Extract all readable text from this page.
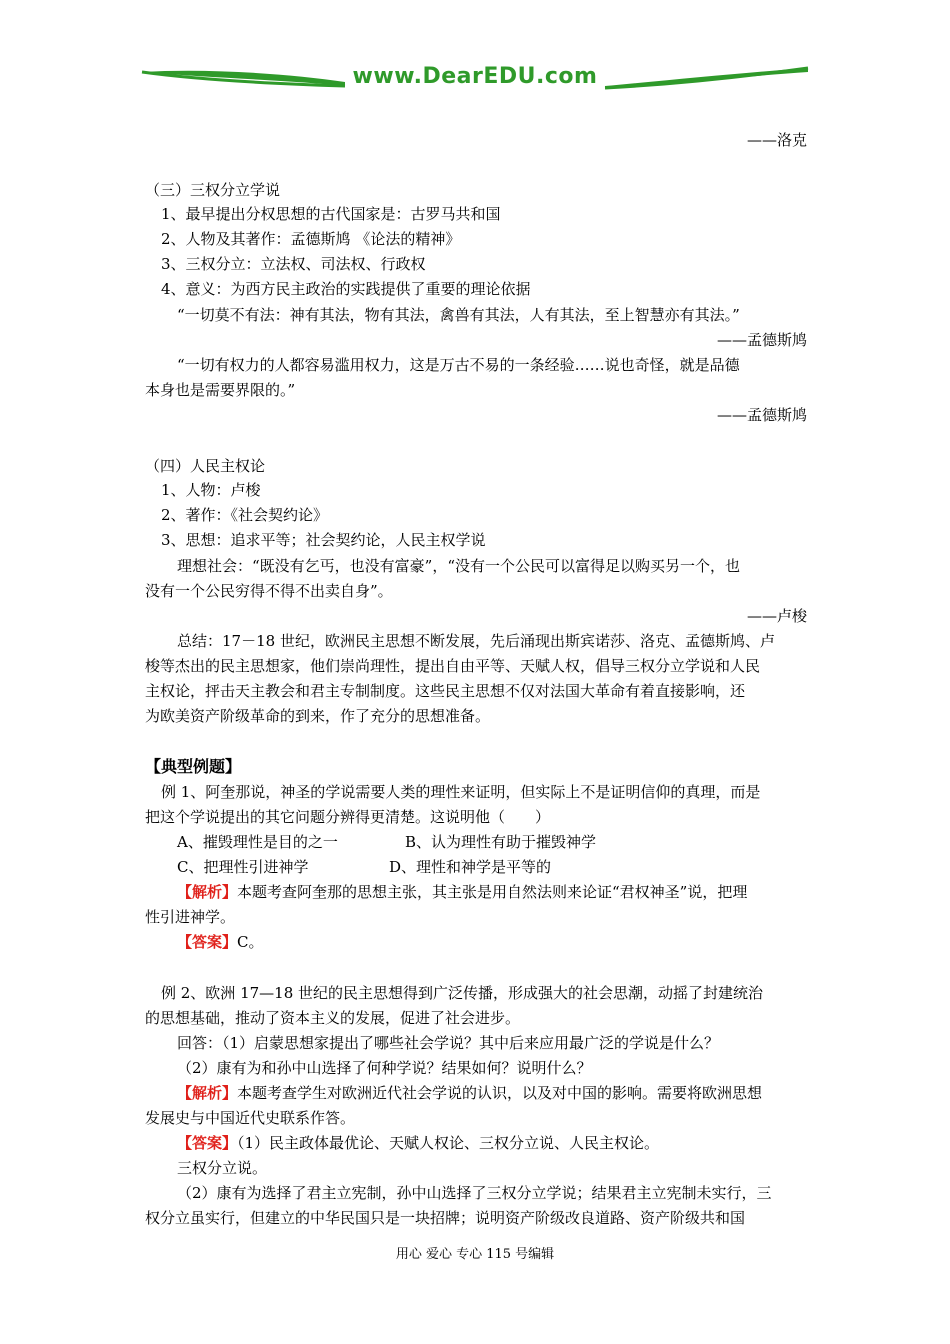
www.DearEDU.com
——洛克
（三）三权分立学说
1、最早提出分权思想的古代国家是：古罗马共和国
2、人物及其著作：孟德斯鸠 《论法的精神》
3、三权分立：立法权、司法权、行政权
4、意义：为西方民主政治的实践提供了重要的理论依据
“一切莫不有法：神有其法，物有其法，禽兽有其法，人有其法，至上智慧亦有其法。”
——孟德斯鸠
“一切有权力的人都容易滥用权力，这是万古不易的一条经验……说也奇怪，就是品德
本身也是需要界限的。”
——孟德斯鸠
（四）人民主权论
1、人物：卢梭
2、著作：《社会契约论》
3、思想：追求平等；社会契约论，人民主权学说
理想社会：“既没有乞丐，也没有富豪”，“没有一个公民可以富得足以购买另一个，也
没有一个公民穷得不得不出卖自身”。
——卢梭
总结：17－18 世纪，欧洲民主思想不断发展，先后涌现出斯宾诺莎、洛克、孟德斯鸠、卢
梭等杰出的民主思想家，他们崇尚理性，提出自由平等、天赋人权，倡导三权分立学说和人民
主权论，抨击天主教会和君主专制制度。这些民主思想不仅对法国大革命有着直接影响，还
为欧美资产阶级革命的到来，作了充分的思想准备。
【典型例题】
例 1、阿奎那说，神圣的学说需要人类的理性来证明，但实际上不是证明信仰的真理，而是
把这个学说提出的其它问题分辨得更清楚。这说明他（　　）
A、摧毁理性是目的之一	B、认为理性有助于摧毁神学
C、把理性引进神学	D、理性和神学是平等的
【解析】本题考查阿奎那的思想主张，其主张是用自然法则来论证“君权神圣”说，把理
性引进神学。
【答案】C。
例 2、欧洲 17—18 世纪的民主思想得到广泛传播，形成强大的社会思潮，动摇了封建统治
的思想基础，推动了资本主义的发展，促进了社会进步。
回答：（1）启蒙思想家提出了哪些社会学说？其中后来应用最广泛的学说是什么？
（2）康有为和孙中山选择了何种学说？结果如何？说明什么？
【解析】本题考查学生对欧洲近代社会学说的认识，以及对中国的影响。需要将欧洲思想
发展史与中国近代史联系作答。
【答案】（1）民主政体最优论、天赋人权论、三权分立说、人民主权论。
三权分立说。
（2）康有为选择了君主立宪制，孙中山选择了三权分立学说；结果君主立宪制未实行，三
权分立虽实行，但建立的中华民国只是一块招牌；说明资产阶级改良道路、资产阶级共和国
用心 爱心 专心 115 号编辑
